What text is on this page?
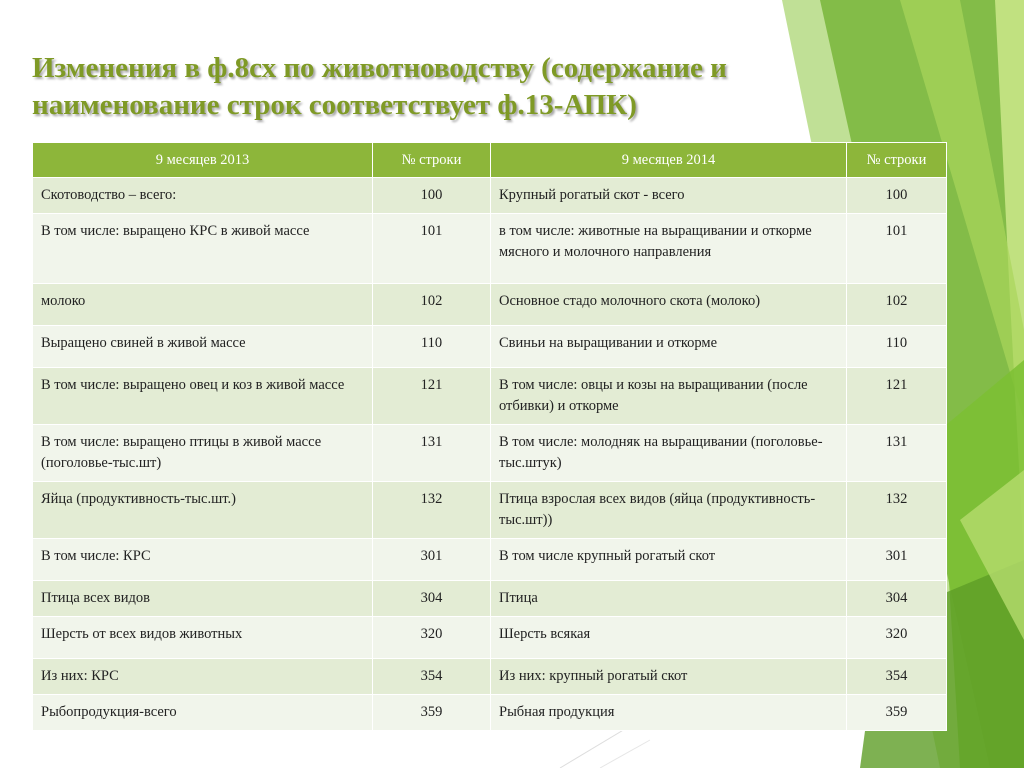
Изменения в ф.8сх по животноводству (содержание и наименование строк соответствует ф.13-АПК)
9 месяцев 2013	№ строки	9 месяцев 2014	№ строки
Скотоводство – всего:	100	Крупный рогатый скот - всего	100
В том числе: выращено КРС в живой массе	101	в том числе: животные на выращивании и откорме мясного и молочного направления	101
молоко	102	Основное стадо молочного скота (молоко)	102
Выращено свиней в живой массе	110	Свиньи на выращивании и откорме	110
В том числе: выращено овец и коз в живой массе	121	В том числе: овцы и козы на выращивании (после отбивки) и откорме	121
В том числе: выращено птицы в живой массе (поголовье-тыс.шт)	131	В том числе: молодняк на выращивании (поголовье-тыс.штук)	131
Яйца (продуктивность-тыс.шт.)	132	Птица взрослая всех видов (яйца (продуктивность-тыс.шт))	132
В том числе: КРС	301	В том числе крупный рогатый скот	301
Птица всех видов	304	Птица	304
Шерсть от всех видов животных	320	Шерсть всякая	320
Из них: КРС	354	Из них: крупный рогатый скот	354
Рыбопродукция-всего	359	Рыбная продукция	359
